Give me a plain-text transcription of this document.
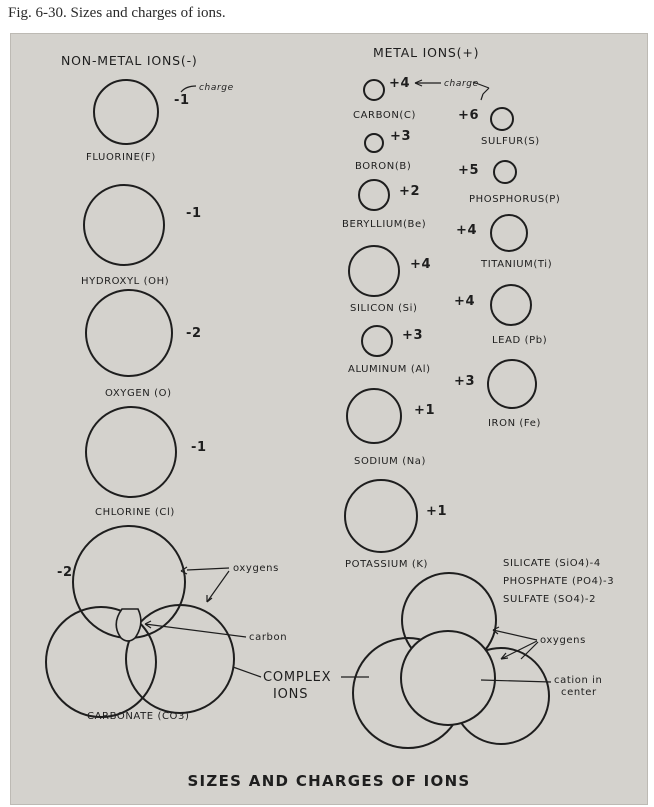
Fig. 6-30. Sizes and charges of ions.
NON-METAL IONS(-)
METAL IONS(+)
-1
charge
FLUORINE(F)
-1
HYDROXYL (OH)
-2
OXYGEN (O)
-1
CHLORINE (Cl)
+4	charge
CARBON(C)
+3
BORON(B)
+2
BERYLLIUM(Be)
+4
SILICON (Si)
+3
ALUMINUM (Al)
+1
SODIUM (Na)
+1
POTASSIUM (K)
+6
SULFUR(S)
+5
PHOSPHORUS(P)
+4
TITANIUM(Ti)
+4
LEAD (Pb)
+3
IRON (Fe)
-2	oxygens
carbon
CARBONATE (CO3)
COMPLEX
IONS
SILICATE (SiO4)-4
PHOSPHATE (PO4)-3
SULFATE (SO4)-2
oxygens
cation in
center
SIZES AND CHARGES OF IONS
